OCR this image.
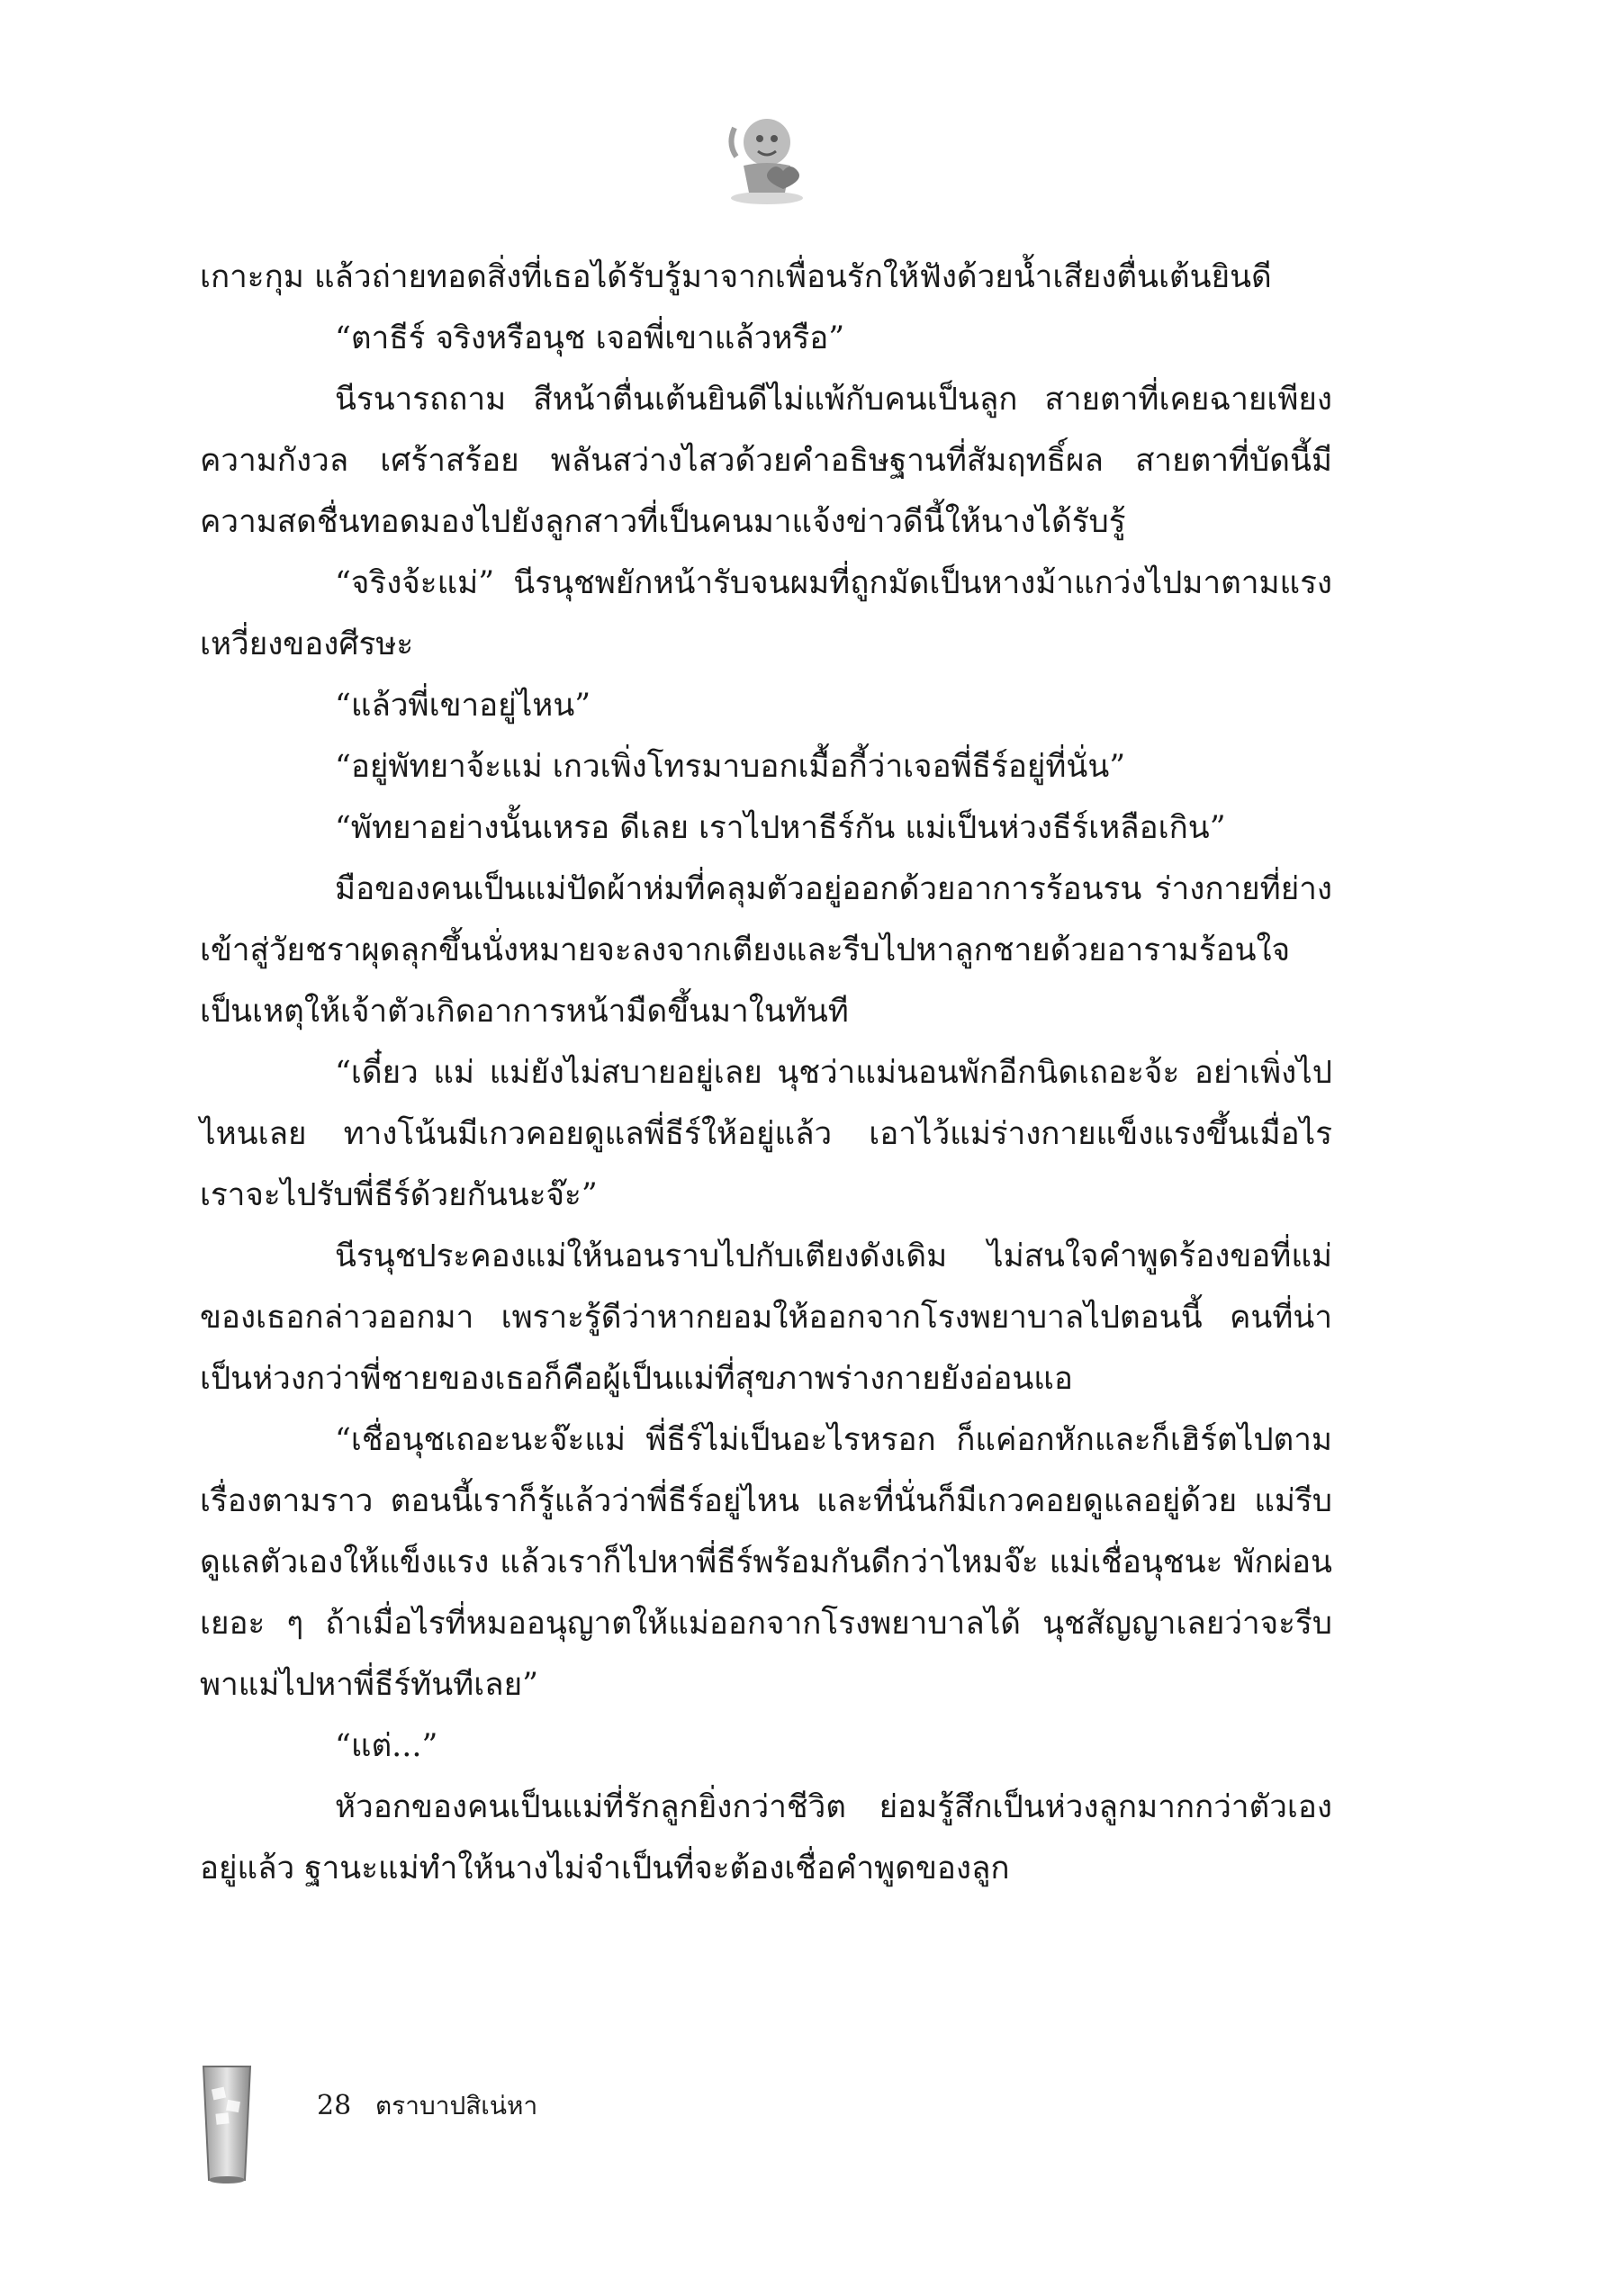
เกาะกุม แล้วถ่ายทอดสิ่งที่เธอได้รับรู้มาจากเพื่อนรักให้ฟังด้วยน้ำเสียงตื่นเต้นยินดี

“ตาธีร์ จริงหรือนุช เจอพี่เขาแล้วหรือ”

นีรนารถถาม สีหน้าตื่นเต้นยินดีไม่แพ้กับคนเป็นลูก สายตาที่เคยฉายเพียงความกังวล เศร้าสร้อย พลันสว่างไสวด้วยคำอธิษฐานที่สัมฤทธิ์ผล สายตาที่บัดนี้มีความสดชื่นทอดมองไปยังลูกสาวที่เป็นคนมาแจ้งข่าวดีนี้ให้นางได้รับรู้

“จริงจ้ะแม่” นีรนุชพยักหน้ารับจนผมที่ถูกมัดเป็นหางม้าแกว่งไปมาตามแรงเหวี่ยงของศีรษะ

“แล้วพี่เขาอยู่ไหน”

“อยู่พัทยาจ้ะแม่ เกวเพิ่งโทรมาบอกเมื้อกี้ว่าเจอพี่ธีร์อยู่ที่นั่น”

“พัทยาอย่างนั้นเหรอ ดีเลย เราไปหาธีร์กัน แม่เป็นห่วงธีร์เหลือเกิน”

มือของคนเป็นแม่ปัดผ้าห่มที่คลุมตัวอยู่ออกด้วยอาการร้อนรน ร่างกายที่ย่างเข้าสู่วัยชราผุดลุกขึ้นนั่งหมายจะลงจากเตียงและรีบไปหาลูกชายด้วยอารามร้อนใจ เป็นเหตุให้เจ้าตัวเกิดอาการหน้ามืดขึ้นมาในทันที

“เดี๋ยว แม่ แม่ยังไม่สบายอยู่เลย นุชว่าแม่นอนพักอีกนิดเถอะจ้ะ อย่าเพิ่งไปไหนเลย ทางโน้นมีเกวคอยดูแลพี่ธีร์ให้อยู่แล้ว เอาไว้แม่ร่างกายแข็งแรงขึ้นเมื่อไร เราจะไปรับพี่ธีร์ด้วยกันนะจ๊ะ”

นีรนุชประคองแม่ให้นอนราบไปกับเตียงดังเดิม ไม่สนใจคำพูดร้องขอที่แม่ของเธอกล่าวออกมา เพราะรู้ดีว่าหากยอมให้ออกจากโรงพยาบาลไปตอนนี้ คนที่น่าเป็นห่วงกว่าพี่ชายของเธอก็คือผู้เป็นแม่ที่สุขภาพร่างกายยังอ่อนแอ

“เชื่อนุชเถอะนะจ๊ะแม่ พี่ธีร์ไม่เป็นอะไรหรอก ก็แค่อกหักและก็เฮิร์ตไปตามเรื่องตามราว ตอนนี้เราก็รู้แล้วว่าพี่ธีร์อยู่ไหน และที่นั่นก็มีเกวคอยดูแลอยู่ด้วย แม่รีบดูแลตัวเองให้แข็งแรง แล้วเราก็ไปหาพี่ธีร์พร้อมกันดีกว่าไหมจ๊ะ แม่เชื่อนุชนะ พักผ่อนเยอะ ๆ ถ้าเมื่อไรที่หมออนุญาตให้แม่ออกจากโรงพยาบาลได้ นุชสัญญาเลยว่าจะรีบพาแม่ไปหาพี่ธีร์ทันทีเลย”

“แต่...”

หัวอกของคนเป็นแม่ที่รักลูกยิ่งกว่าชีวิต ย่อมรู้สึกเป็นห่วงลูกมากกว่าตัวเองอยู่แล้ว ฐานะแม่ทำให้นางไม่จำเป็นที่จะต้องเชื่อคำพูดของลูก

28 ตราบาปสิเน่หา
